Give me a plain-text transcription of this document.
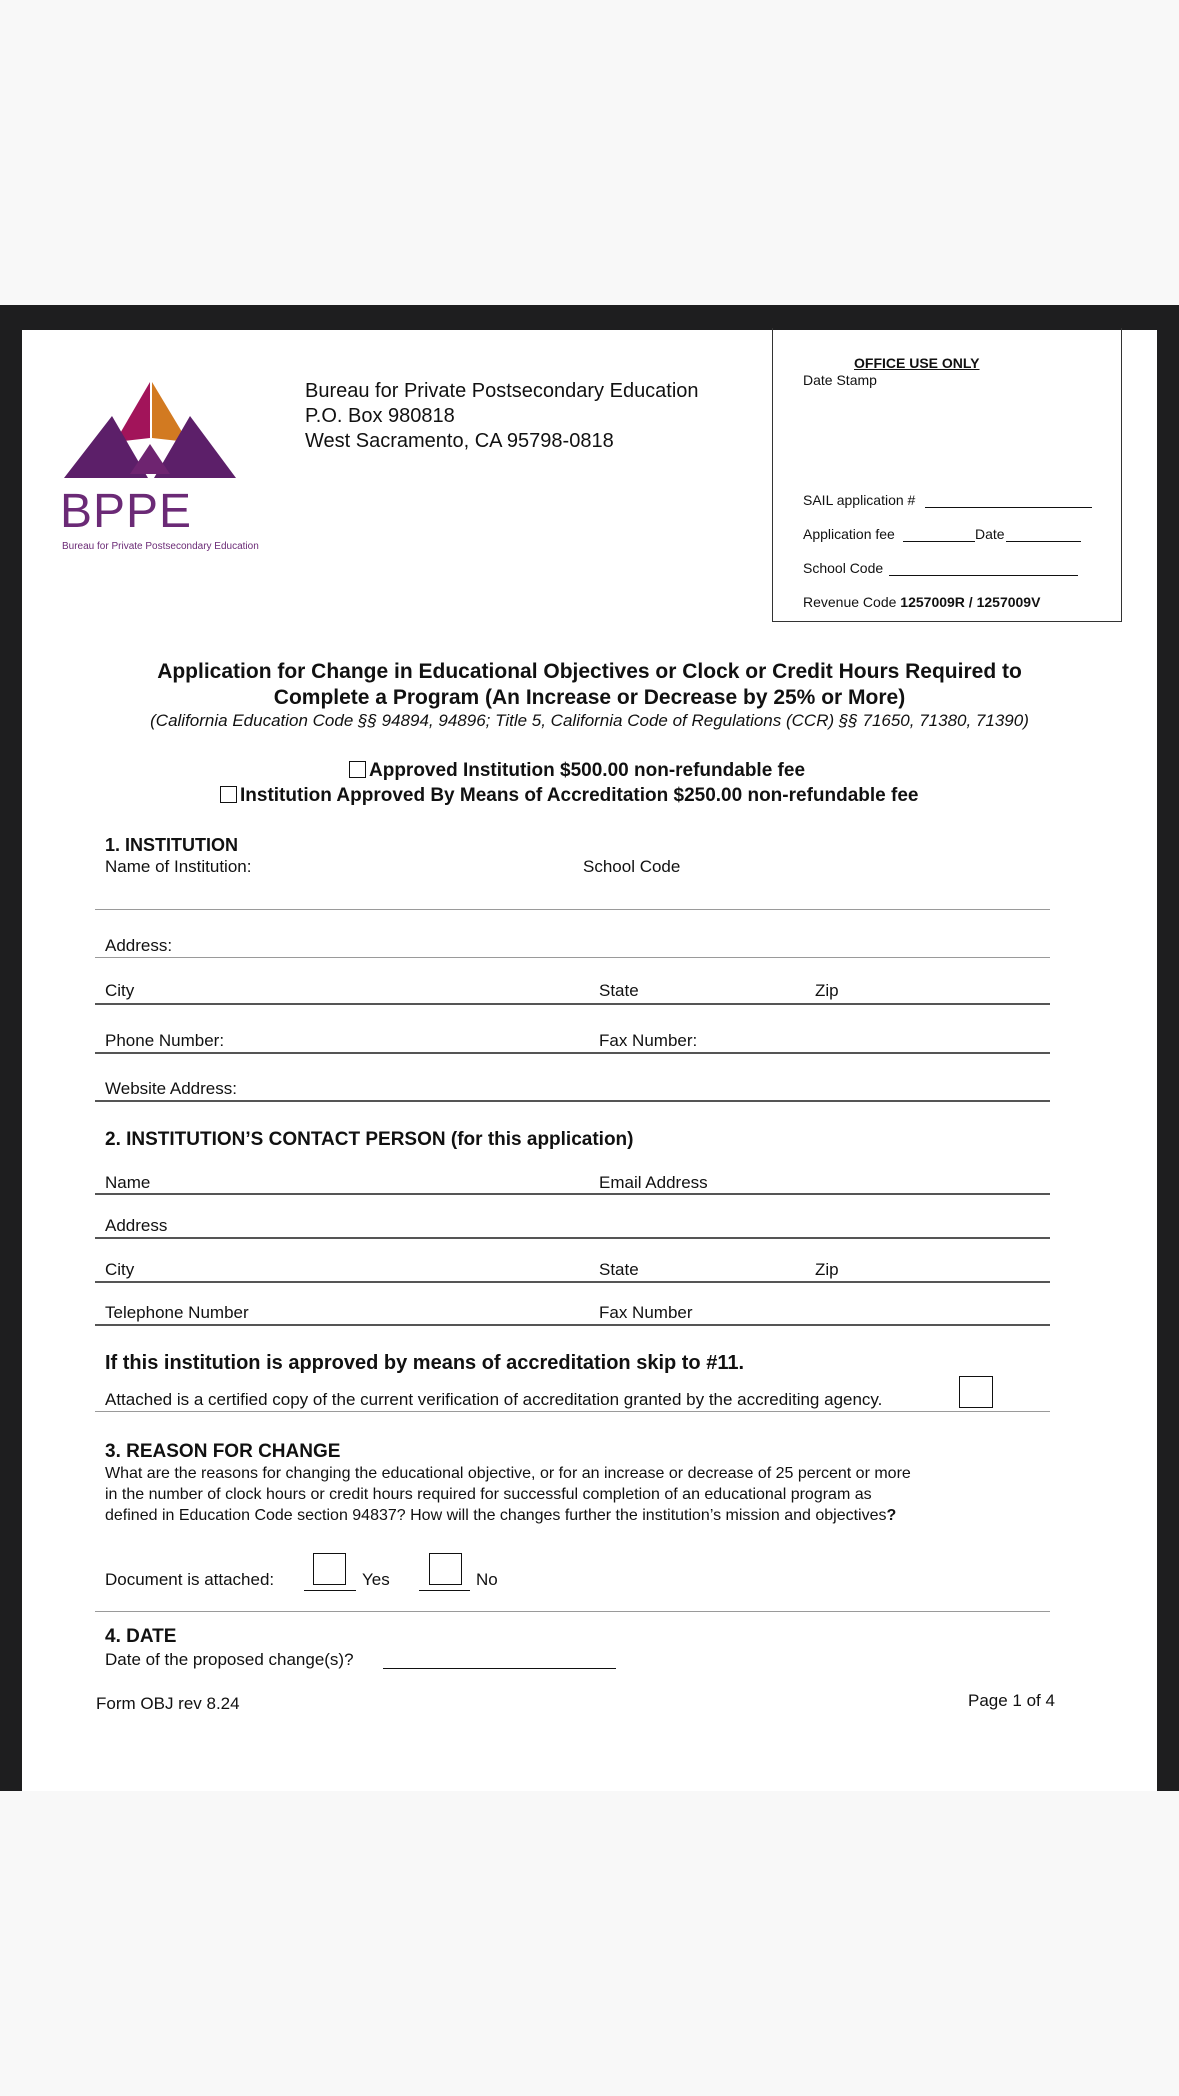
BPPE
Bureau for Private Postsecondary Education
Bureau for Private Postsecondary Education
P.O. Box 980818
West Sacramento, CA 95798-0818
OFFICE USE ONLY
Date Stamp
SAIL application #
Application fee	Date
School Code
Revenue Code 1257009R / 1257009V
Application for Change in Educational Objectives or Clock or Credit Hours Required to
Complete a Program (An Increase or Decrease by 25% or More)
(California Education Code §§ 94894, 94896; Title 5, California Code of Regulations (CCR) §§ 71650, 71380, 71390)
Approved Institution $500.00 non-refundable fee
Institution Approved By Means of Accreditation $250.00 non-refundable fee
1. INSTITUTION
Name of Institution:	School Code
Address:
City	State	Zip
Phone Number:	Fax Number:
Website Address:
2. INSTITUTION’S CONTACT PERSON (for this application)
Name	Email Address
Address
City	State	Zip
Telephone Number	Fax Number
If this institution is approved by means of accreditation skip to #11.
Attached is a certified copy of the current verification of accreditation granted by the accrediting agency.
3. REASON FOR CHANGE
What are the reasons for changing the educational objective, or for an increase or decrease of 25 percent or more
in the number of clock hours or credit hours required for successful completion of an educational program as
defined in Education Code section 94837? How will the changes further the institution’s mission and objectives?
Document is attached:	Yes	No
4. DATE
Date of the proposed change(s)?
Form OBJ rev 8.24	Page 1 of 4
